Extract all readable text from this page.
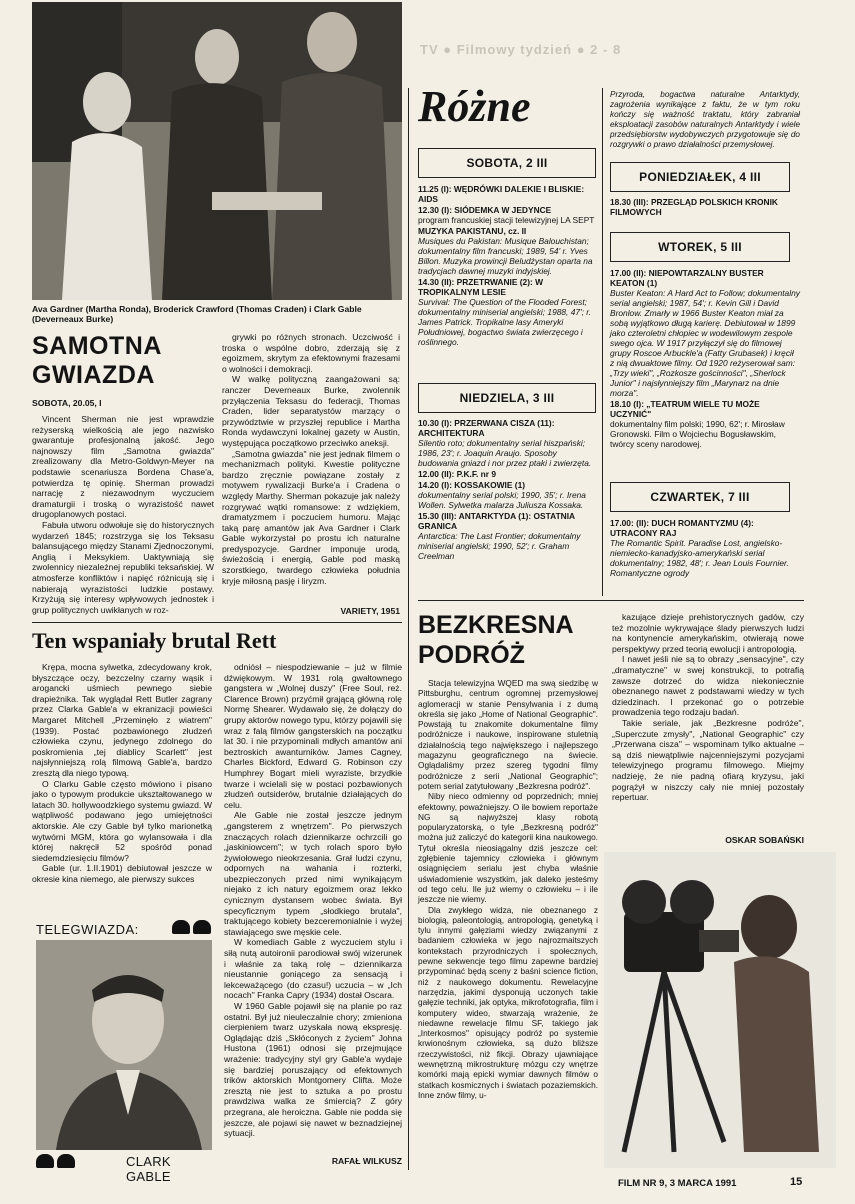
TV ● Filmowy tydzień ● 2 - 8
Ava Gardner (Martha Ronda), Broderick Crawford (Thomas Craden) i Clark Gable (Deverneaux Burke)
SAMOTNA
GWIAZDA
SOBOTA, 20.05, I

Vincent Sherman nie jest wprawdzie reżyserską wielkością ale jego nazwisko gwarantuje profesjonalną jakość. Jego najnowszy film „Samotna gwiazda" zrealizowany dla Metro-Goldwyn-Meyer na podstawie scenariusza Bordena Chase'a, potwierdza tę opinię. Sherman prowadzi narrację z niezawodnym wyczuciem dramaturgii i troską o wyrazistość nawet drugoplanowych postaci.

Fabuła utworu odwołuje się do historycznych wydarzeń 1845; rozstrzyga się los Teksasu balansującego między Stanami Zjednoczonymi, Anglią i Meksykiem. Uaktywniają się zwolennicy niezależnej republiki teksańskiej. W atmosferze konfliktów i napięć różnicują się i nabierają wyrazistości ludzkie postawy. Krzyżują się interesy wpływowych jednostek i grup politycznych uwikłanych w roz-

grywki po różnych stronach. Uczciwość i troska o wspólne dobro, zderzają się z egoizmem, skrytym za efektownymi frazesami o wolności i demokracji.

W walkę polityczną zaangażowani są: ranczer Deverneaux Burke, zwolennik przyłączenia Teksasu do federacji, Thomas Craden, lider separatystów marzący o przywództwie w przyszłej republice i Martha Ronda wydawczyni lokalnej gazety w Austin, występująca początkowo przeciwko aneksji.

„Samotna gwiazda" nie jest jednak filmem o mechanizmach polityki. Kwestie polityczne bardzo zręcznie powiązane zostały z motywem rywalizacji Burke'a i Cradena o względy Marthy. Sherman pokazuje jak należy rozgrywać wątki romansowe: z wdziękiem, dramatyzmem i poczuciem humoru. Mając taką parę amantów jak Ava Gardner i Clark Gable wykorzystał po prostu ich naturalne predyspozycje. Gardner imponuje urodą, świeżością i energią, Gable pod maską szorstkiego, twardego człowieka południa kryje miłosną pasję i liryzm.

VARIETY, 1951
Ten wspaniały brutal Rett

Krępa, mocna sylwetka, zdecydowany krok, błyszczące oczy, bezczelny czarny wąsik i arogancki uśmiech pewnego siebie drapieżnika. Tak wyglądał Rett Butler zagrany przez Clarka Gable'a w ekranizacji powieści Margaret Mitchell „Przeminęło z wiatrem" (1939). Postać pozbawionego złudzeń człowieka czynu, jedynego zdolnego do poskromienia „tej diablicy Scarlett" jest najsłynniejszą rolą filmową Gable'a, bardzo zresztą dla niego typową.

O Clarku Gable często mówiono i pisano jako o typowym produkcie ukształtowanego w latach 30. hollywoodzkiego systemu gwiazd. W wątpliwość podawano jego umiejętności aktorskie. Ale czy Gable był tylko marionetką wytwórni MGM, która go wylansowała i dla której nakręcił 52 spośród ponad siedemdziesięciu filmów?

Gable (ur. 1.II.1901) debiutował jeszcze w okresie kina niemego, ale pierwszy sukces

TELEGWIAZDA:
CLARK GABLE

odniósł – niespodziewanie – już w filmie dźwiękowym. W 1931 rolą gwałtownego gangstera w „Wolnej duszy" (Free Soul, reż. Clarence Brown) przyćmił grającą główną rolę Normę Shearer. Wydawało się, że dołączy do grupy aktorów nowego typu, którzy pojawili się wraz z falą filmów gangsterskich na początku lat 30. i nie przypominali mdłych amantów ani beztroskich awanturników. James Cagney, Charles Bickford, Edward G. Robinson czy Humphrey Bogart mieli wyraziste, brzydkie twarze i wcielali się w postaci pozbawionych złudzeń outsiderów, brutalnie działających do celu.

Ale Gable nie został jeszcze jednym „gangsterem z wnętrzem". Po pierwszych znaczących rolach dziennikarze ochrzcili go „jaskiniowcem"; w tych rolach sporo było żywiołowego nieokrzesania. Grał ludzi czynu, odpornych na wahania i rozterki, ubezpieczonych przed nimi wynikającym niejako z ich natury egoizmem oraz lekko cynicznym dystansem wobec świata. Był specyficznym typem „słodkiego brutala", traktującego kobiety bezceremonialnie i wyżej stawiającego swe męskie cele.

W komediach Gable z wyczuciem stylu i siłą nutą autoironii parodiował swój wizerunek i właśnie za taką rolę – dziennikarza nieustannie goniącego za sensacją i lekceważącego (do czasu!) uczucia – w „Ich nocach" Franka Capry (1934) dostał Oscara.

W 1960 Gable pojawił się na planie po raz ostatni. Był już nieuleczalnie chory; zmieniona cierpieniem twarz uzyskała nową ekspresję. Oglądając dziś „Skłóconych z życiem" Johna Hustona (1961) odnosi się przejmujące wrażenie: tradycyjny styl gry Gable'a wydaje się bardziej poruszający od efektownych trików aktorskich Montgomery Clifta. Może zresztą nie jest to sztuka a po prostu prawdziwa walka ze śmiercią? Z góry przegrana, ale heroiczna. Gable nie podda się jeszcze, ale pojawi się nawet w beznadziejnej sytuacji.

RAFAŁ WILKUSZ
Różne
SOBOTA, 2 III
11.25 (I): WĘDRÓWKI DALEKIE I BLISKIE: AIDS
12.30 (I): SIÓDEMKA W JEDYNCE
program francuskiej stacji telewizyjnej LA SEPT
MUZYKA PAKISTANU, cz. II
Musiques du Pakistan: Musique Balouchistan; dokumentalny film francuski; 1989, 54' r. Yves Billon. Muzyka prowincji Beludżystan oparta na tradycjach dawnej muzyki indyjskiej.
14.30 (II): PRZETRWANIE (2): W TROPIKALNYM LESIE
Survival: The Question of the Flooded Forest; dokumentalny miniserial angielski; 1988, 47'; r. James Patrick. Tropikalne lasy Ameryki Południowej, bogactwo świata zwierzęcego i roślinnego.
NIEDZIELA, 3 III
10.30 (I): PRZERWANA CISZA (11): ARCHITEKTURA
Silentio roto; dokumentalny serial hiszpański; 1986, 23'; r. Joaquin Araujo. Sposoby budowania gniazd i nor przez ptaki i zwierzęta.
12.00 (II): P.K.F. nr 9
14.20 (I): KOSSAKOWIE (1)
dokumentalny serial polski; 1990, 35'; r. Irena Wollen. Sylwetka malarza Juliusza Kossaka.
15.30 (III): ANTARKTYDA (1): OSTATNIA GRANICA
Antarctica: The Last Frontier; dokumentalny miniserial angielski; 1990, 52'; r. Graham Creelman
Przyroda, bogactwa naturalne Antarktydy, zagrożenia wynikające z faktu, że w tym roku kończy się ważność traktatu, który zabraniał eksploatacji zasobów naturalnych Antarktydy i wiele przedsiębiorstw wydobywczych przygotowuje się do rozgrywki o prawo działalności przemysłowej.
PONIEDZIAŁEK, 4 III
18.30 (III): PRZEGLĄD POLSKICH KRONIK FILMOWYCH
WTOREK, 5 III
17.00 (II): NIEPOWTARZALNY BUSTER KEATON (1)
Buster Keaton: A Hard Act to Follow; dokumentalny serial angielski; 1987, 54'; r. Kevin Gill i David Bronlow. Zmarły w 1966 Buster Keaton miał za sobą wyjątkowo długą karierę. Debiutował w 1899 jako czteroletni chłopiec w wodewilowym zespole swego ojca. W 1917 przyłączył się do filmowej grupy Roscoe Arbuckle'a (Fatty Grubasek) i kręcił z nią dwuaktowe filmy. Od 1920 reżyserował sam: „Trzy wieki", „Rozkosze gościnności", „Sherlock Junior" i najsłynniejszy film „Marynarz na dnie morza".
18.10 (I): „TEATRUM WIELE TU MOŻE UCZYNIĆ"
dokumentalny film polski; 1990, 62'; r. Mirosław Gronowski. Film o Wojciechu Bogusławskim, twórcy sceny narodowej.
CZWARTEK, 7 III
17.00: (II): DUCH ROMANTYZMU (4): UTRACONY RAJ
The Romantic Spirit. Paradise Lost, angielsko-niemiecko-kanadyjsko-amerykański serial dokumentalny; 1982, 48'; r. Jean Louis Fournier. Romantyczne ogrody
BEZKRESNA
PODRÓŻ

Stacja telewizyjna WQED ma swą siedzibę w Pittsburghu, centrum ogromnej przemysłowej aglomeracji w stanie Pensylwania i z dumą określa się jako „Home of National Geographic". Powstają tu znakomite dokumentalne filmy podróżnicze i naukowe, inspirowane stuletnią działalnością tego największego i najlepszego magazynu geograficznego na świecie. Oglądaliśmy przez szereg tygodni filmy podróżnicze z serii „National Geographic"; potem serial zatytułowany „Bezkresna podróż".

Niby nieco odmienny od poprzednich; mniej efektowny, poważniejszy. O ile bowiem reportaże NG są najwyższej klasy robotą popularyzatorską, o tyle „Bezkresną podróż" można już zaliczyć do kategorii kina naukowego. Tytuł określa nieosiągalny dziś jeszcze cel: zgłębienie tajemnicy człowieka i głównym osiągnięciem serialu jest chyba właśnie uświadomienie wszystkim, jak daleko jesteśmy od tego celu. Ile już wiemy o człowieku – i ile jeszcze nie wiemy.

Dla zwykłego widza, nie obeznanego z biologią, paleontologią, antropologią, genetyką i tylu innymi gałęziami wiedzy związanymi z badaniem człowieka w jego najrozmaitszych kontekstach przyrodniczych i społecznych, pewne sekwencje tego filmu zapewne bardziej przypominać będą sceny z baśni science fiction, niż z naukowego dokumentu. Rewelacyjne narzędzia, jakimi dysponują uczonych takie gałęzie techniki, jak optyka, mikrofotografia, film i komputery wideo, stwarzają wrażenie, że niedawne rewelacje filmu SF, takiego jak „Interkosmos" opisujący podróż po systemie krwionośnym człowieka, są dużo bliższe rzeczywistości, niż fikcji. Obrazy ujawniające wewnętrzną mikrostrukturę mózgu czy wnętrze komórki mają epicki wymiar dawnych filmów o statkach kosmicznych i światach pozaziemskich. Inne znów filmy, u-

kazujące dzieje prehistorycznych gadów, czy też mozolnie wykrywające ślady pierwszych ludzi na kontynencie amerykańskim, otwierają nowe perspektywy przed teorią ewolucji i antropologią.

I nawet jeśli nie są to obrazy „sensacyjne", czy „dramatyczne" w swej konstrukcji, to potrafią zawsze dotrzeć do widza niekoniecznie obeznanego nawet z podstawami wiedzy w tych dziedzinach. I przekonać go o potrzebie prowadzenia tego rodzaju badań.

Takie seriale, jak „Bezkresne podróże", „Superczute zmysły", „National Geographic" czy „Przerwana cisza" – wspominam tylko aktualne – są dziś niewątpliwie najcenniejszymi pozycjami telewizyjnego programu filmowego. Miejmy nadzieję, że nie padną ofiarą kryzysu, jaki pogrążył w niszczy cały nie mniej pozostały repertuar.

OSKAR SOBAŃSKI
FILM NR 9, 3 MARCA 1991	15
